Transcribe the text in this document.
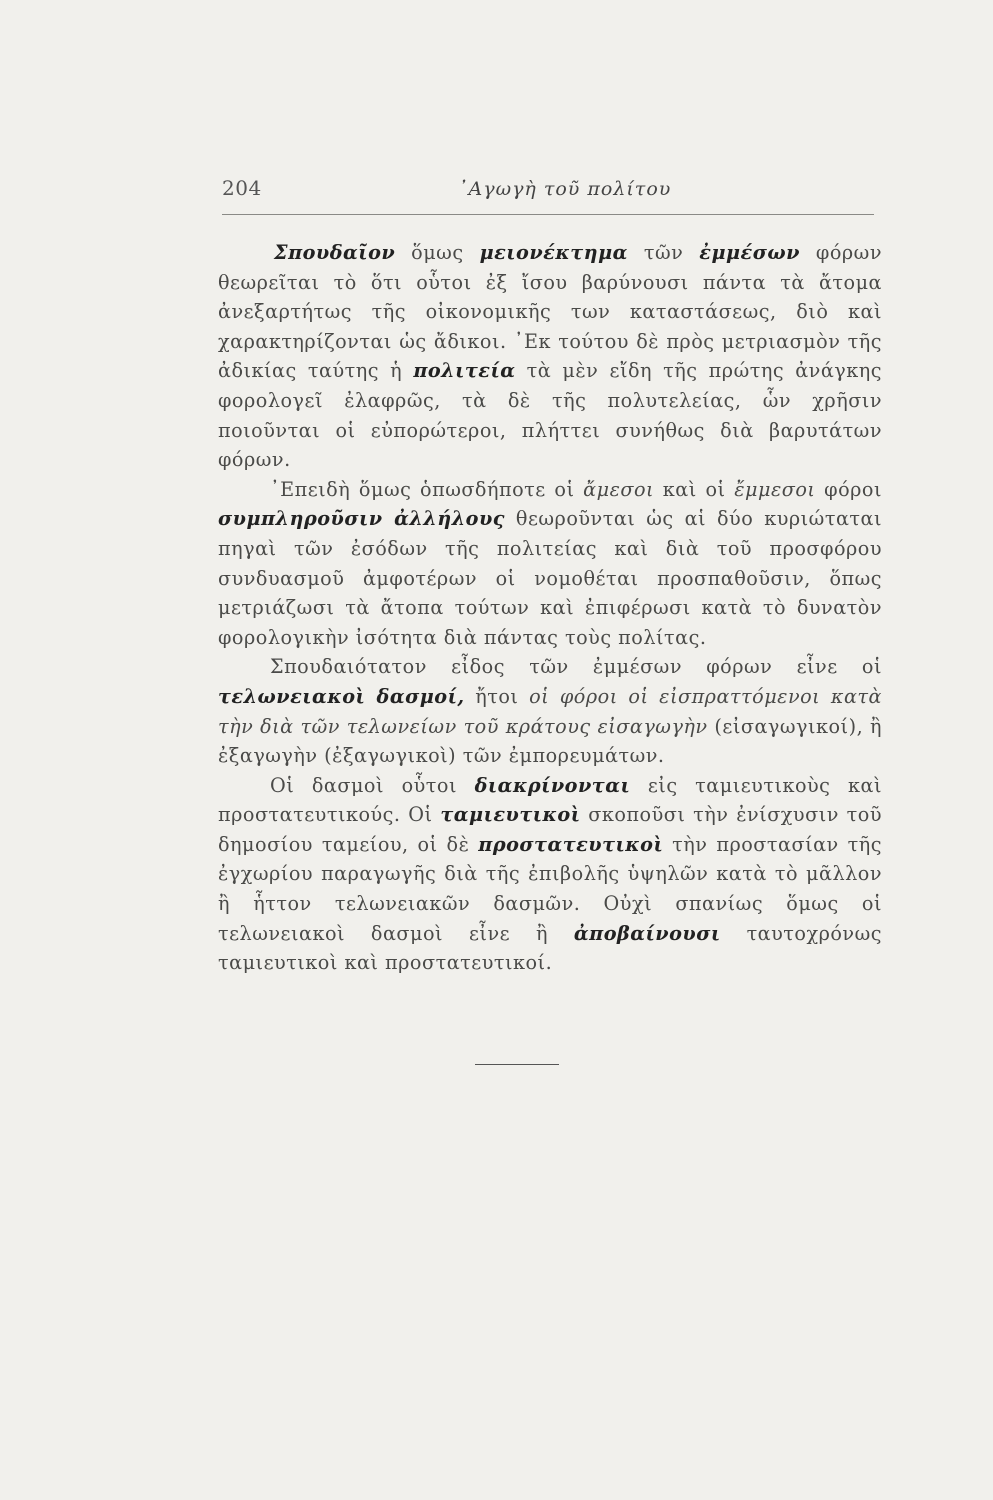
204	᾿Αγωγὴ τοῦ πολίτου

Σπουδαῖον ὅμως μειονέκτημα τῶν ἐμμέσων φόρων θεωρεῖται τὸ ὅτι οὗτοι ἐξ ἴσου βαρύνουσι πάντα τὰ ἄτομα ἀνεξαρτήτως τῆς οἰκονομικῆς των καταστάσεως, διὸ καὶ χαρακτηρίζονται ὡς ἄδικοι. ᾿Εκ τούτου δὲ πρὸς μετριασμὸν τῆς ἀδικίας ταύτης ἡ πολιτεία τὰ μὲν εἴδη τῆς πρώτης ἀνάγκης φορολογεῖ ἐλαφρῶς, τὰ δὲ τῆς πολυτελείας, ὧν χρῆσιν ποιοῦνται οἱ εὐπορώτεροι, πλήττει συνήθως διὰ βαρυτάτων φόρων.

᾿Επειδὴ ὅμως ὁπωσδήποτε οἱ ἄμεσοι καὶ οἱ ἔμμεσοι φόροι συμπληροῦσιν ἀλλήλους θεωροῦνται ὡς αἱ δύο κυριώταται πηγαὶ τῶν ἐσόδων τῆς πολιτείας καὶ διὰ τοῦ προσφόρου συνδυασμοῦ ἀμφοτέρων οἱ νομοθέται προσπαθοῦσιν, ὅπως μετριάζωσι τὰ ἄτοπα τούτων καὶ ἐπιφέρωσι κατὰ τὸ δυνατὸν φορολογικὴν ἰσότητα διὰ πάντας τοὺς πολίτας.

Σπουδαιότατον εἶδος τῶν ἐμμέσων φόρων εἶνε οἱ τελωνειακοὶ δασμοί, ἤτοι οἱ φόροι οἱ εἰσπραττόμενοι κατὰ τὴν διὰ τῶν τελωνείων τοῦ κράτους εἰσαγωγὴν (εἰσαγωγικοί), ἢ ἐξαγωγὴν (ἐξαγωγικοὶ) τῶν ἐμπορευμάτων.

Οἱ δασμοὶ οὗτοι διακρίνονται εἰς ταμιευτικοὺς καὶ προστατευτικούς. Οἱ ταμιευτικοὶ σκοποῦσι τὴν ἐνίσχυσιν τοῦ δημοσίου ταμείου, οἱ δὲ προστατευτικοὶ τὴν προστασίαν τῆς ἐγχωρίου παραγωγῆς διὰ τῆς ἐπιβολῆς ὑψηλῶν κατὰ τὸ μᾶλλον ἢ ἧττον τελωνειακῶν δασμῶν. Οὐχὶ σπανίως ὅμως οἱ τελωνειακοὶ δασμοὶ εἶνε ἢ ἀποβαίνουσι ταυτοχρόνως ταμιευτικοὶ καὶ προστατευτικοί.
